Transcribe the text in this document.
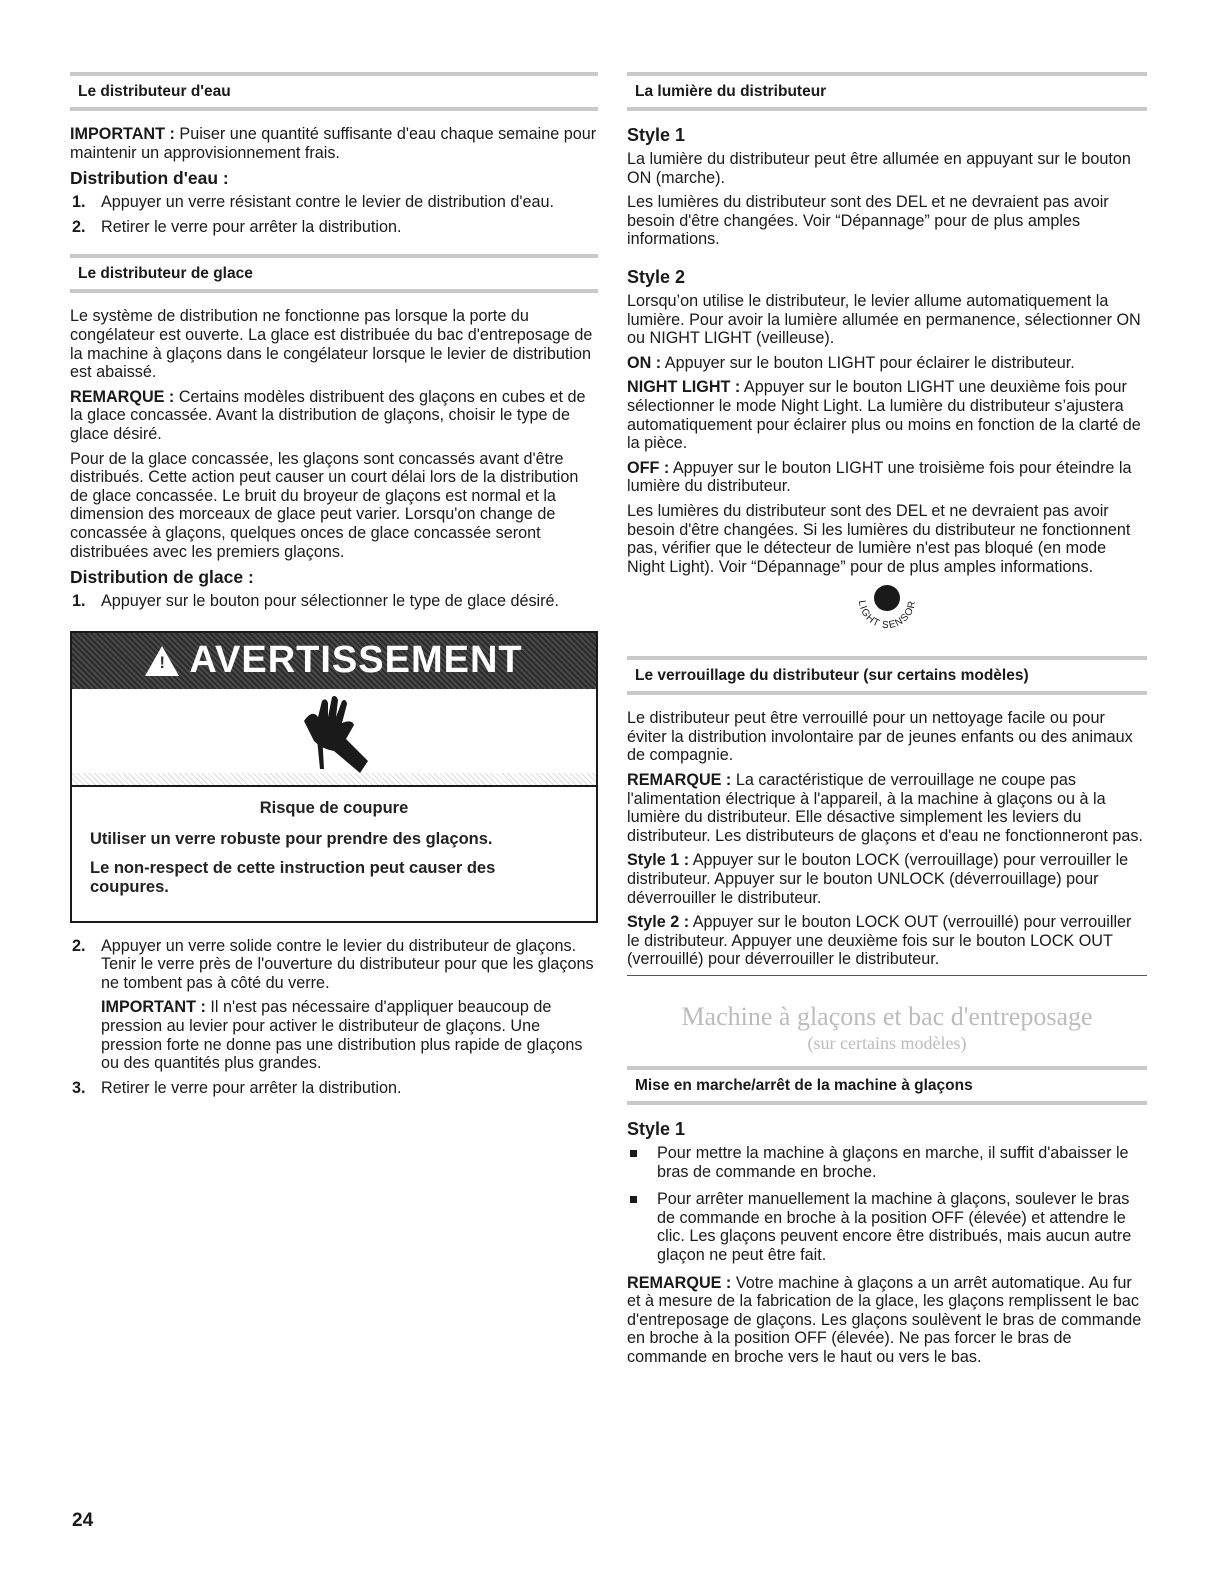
Le distributeur d'eau

IMPORTANT : Puiser une quantité suffisante d'eau chaque semaine pour maintenir un approvisionnement frais.

Distribution d'eau :
1. Appuyer un verre résistant contre le levier de distribution d'eau.
2. Retirer le verre pour arrêter la distribution.
Le distributeur de glace

Le système de distribution ne fonctionne pas lorsque la porte du congélateur est ouverte. La glace est distribuée du bac d'entreposage de la machine à glaçons dans le congélateur lorsque le levier de distribution est abaissé.

REMARQUE : Certains modèles distribuent des glaçons en cubes et de la glace concassée. Avant la distribution de glaçons, choisir le type de glace désiré.

Pour de la glace concassée, les glaçons sont concassés avant d'être distribués. Cette action peut causer un court délai lors de la distribution de glace concassée. Le bruit du broyeur de glaçons est normal et la dimension des morceaux de glace peut varier. Lorsqu'on change de concassée à glaçons, quelques onces de glace concassée seront distribuées avec les premiers glaçons.

Distribution de glace :
1. Appuyer sur le bouton pour sélectionner le type de glace désiré.
! AVERTISSEMENT
Risque de coupure
Utiliser un verre robuste pour prendre des glaçons.
Le non-respect de cette instruction peut causer des coupures.
2. Appuyer un verre solide contre le levier du distributeur de glaçons. Tenir le verre près de l'ouverture du distributeur pour que les glaçons ne tombent pas à côté du verre.

IMPORTANT : Il n'est pas nécessaire d'appliquer beaucoup de pression au levier pour activer le distributeur de glaçons. Une pression forte ne donne pas une distribution plus rapide de glaçons ou des quantités plus grandes.

3. Retirer le verre pour arrêter la distribution.
La lumière du distributeur
Style 1

La lumière du distributeur peut être allumée en appuyant sur le bouton ON (marche).

Les lumières du distributeur sont des DEL et ne devraient pas avoir besoin d'être changées. Voir “Dépannage” pour de plus amples informations.

Style 2

Lorsqu’on utilise le distributeur, le levier allume automatiquement la lumière. Pour avoir la lumière allumée en permanence, sélectionner ON ou NIGHT LIGHT (veilleuse).

ON : Appuyer sur le bouton LIGHT pour éclairer le distributeur.

NIGHT LIGHT : Appuyer sur le bouton LIGHT une deuxième fois pour sélectionner le mode Night Light. La lumière du distributeur s’ajustera automatiquement pour éclairer plus ou moins en fonction de la clarté de la pièce.

OFF : Appuyer sur le bouton LIGHT une troisième fois pour éteindre la lumière du distributeur.

Les lumières du distributeur sont des DEL et ne devraient pas avoir besoin d'être changées. Si les lumières du distributeur ne fonctionnent pas, vérifier que le détecteur de lumière n'est pas bloqué (en mode Night Light). Voir “Dépannage” pour de plus amples informations.

LIGHT SENSOR
Le verrouillage du distributeur (sur certains modèles)

Le distributeur peut être verrouillé pour un nettoyage facile ou pour éviter la distribution involontaire par de jeunes enfants ou des animaux de compagnie.

REMARQUE : La caractéristique de verrouillage ne coupe pas l'alimentation électrique à l'appareil, à la machine à glaçons ou à la lumière du distributeur. Elle désactive simplement les leviers du distributeur. Les distributeurs de glaçons et d'eau ne fonctionneront pas.

Style 1 : Appuyer sur le bouton LOCK (verrouillage) pour verrouiller le distributeur. Appuyer sur le bouton UNLOCK (déverrouillage) pour déverrouiller le distributeur.

Style 2 : Appuyer sur le bouton LOCK OUT (verrouillé) pour verrouiller le distributeur. Appuyer une deuxième fois sur le bouton LOCK OUT (verrouillé) pour déverrouiller le distributeur.

Machine à glaçons et bac d'entreposage
(sur certains modèles)
Mise en marche/arrêt de la machine à glaçons
Style 1
Pour mettre la machine à glaçons en marche, il suffit d'abaisser le bras de commande en broche.
Pour arrêter manuellement la machine à glaçons, soulever le bras de commande en broche à la position OFF (élevée) et attendre le clic. Les glaçons peuvent encore être distribués, mais aucun autre glaçon ne peut être fait.

REMARQUE : Votre machine à glaçons a un arrêt automatique. Au fur et à mesure de la fabrication de la glace, les glaçons remplissent le bac d'entreposage de glaçons. Les glaçons soulèvent le bras de commande en broche à la position OFF (élevée). Ne pas forcer le bras de commande en broche vers le haut ou vers le bas.

24
